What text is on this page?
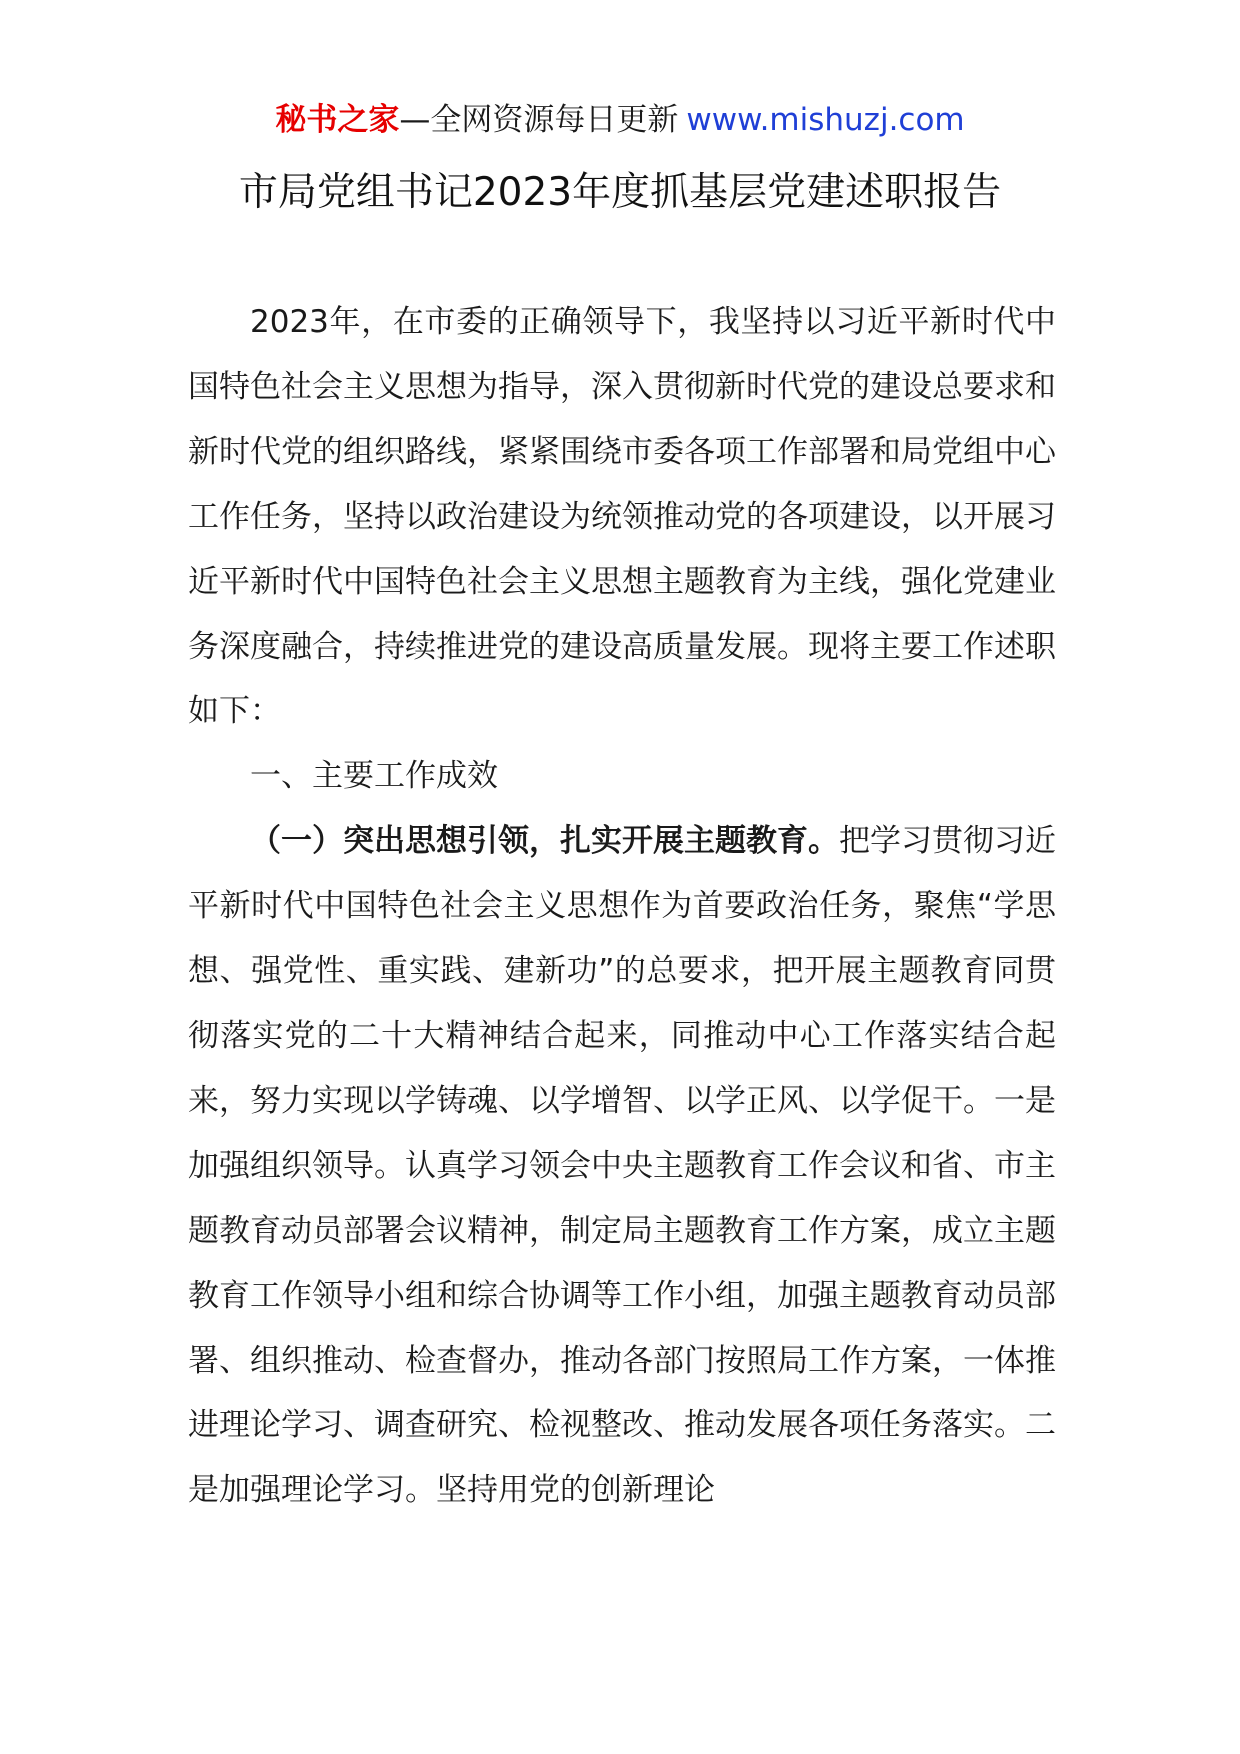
秘书之家—全网资源每日更新 www.mishuzj.com
市局党组书记2023年度抓基层党建述职报告

2023年，在市委的正确领导下，我坚持以习近平新时代中国特色社会主义思想为指导，深入贯彻新时代党的建设总要求和新时代党的组织路线，紧紧围绕市委各项工作部署和局党组中心工作任务，坚持以政治建设为统领推动党的各项建设，以开展习近平新时代中国特色社会主义思想主题教育为主线，强化党建业务深度融合，持续推进党的建设高质量发展。现将主要工作述职如下：

一、主要工作成效

（一）突出思想引领，扎实开展主题教育。把学习贯彻习近平新时代中国特色社会主义思想作为首要政治任务，聚焦“学思想、强党性、重实践、建新功”的总要求，把开展主题教育同贯彻落实党的二十大精神结合起来，同推动中心工作落实结合起来，努力实现以学铸魂、以学增智、以学正风、以学促干。一是加强组织领导。认真学习领会中央主题教育工作会议和省、市主题教育动员部署会议精神，制定局主题教育工作方案，成立主题教育工作领导小组和综合协调等工作小组，加强主题教育动员部署、组织推动、检查督办，推动各部门按照局工作方案，一体推进理论学习、调查研究、检视整改、推动发展各项任务落实。二是加强理论学习。坚持用党的创新理论
